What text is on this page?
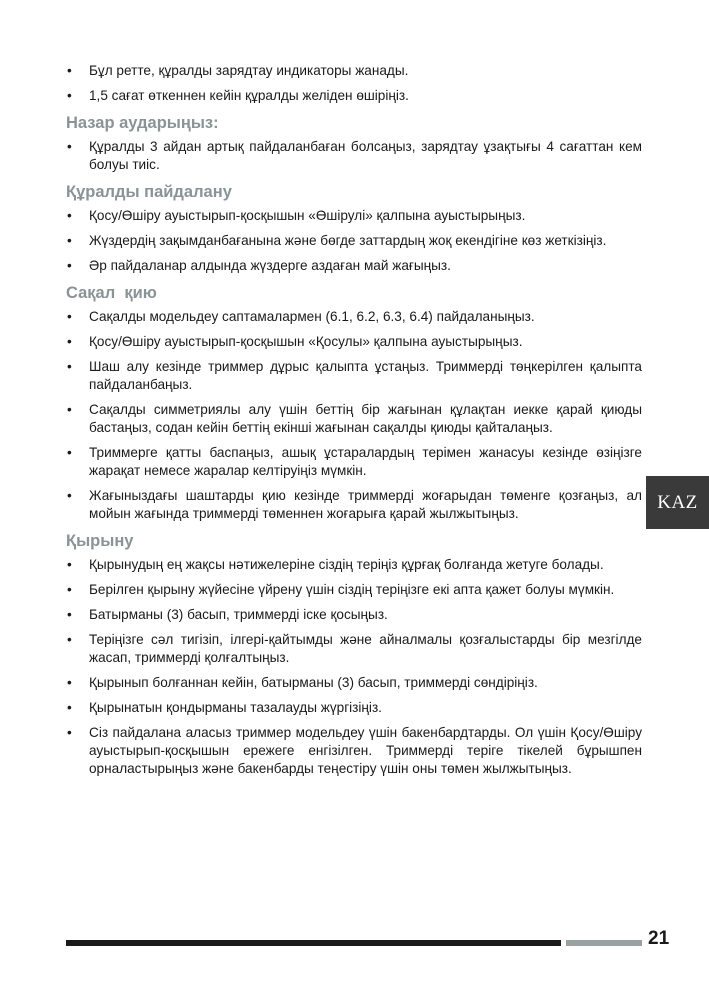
• Бұл ретте, құралды зарядтау индикаторы жанады.
• 1,5 сағат өткеннен кейін құралды желіден өшіріңіз.
Назар аударыңыз:
• Құралды 3 айдан артық пайдаланбаған болсаңыз, зарядтау ұзақтығы 4 сағаттан кем болуы тиіс.
Құралды пайдалану
• Қосу/Өшіру ауыстырып-қосқышын «Өшірулі» қалпына ауыстырыңыз.
• Жүздердің зақымданбағанына және бөгде заттардың жоқ екендігіне көз жеткізіңіз.
• Әр пайдаланар алдында жүздерге аздаған май жағыңыз.
Сақал  қию
• Сақалды модельдеу саптамалармен (6.1, 6.2, 6.3, 6.4) пайдаланыңыз.
• Қосу/Өшіру ауыстырып-қосқышын «Қосулы» қалпына ауыстырыңыз.
• Шаш алу кезінде триммер дұрыс қалыпта ұстаңыз. Триммерді төңкерілген қалыпта пайдаланбаңыз.
• Сақалды симметриялы алу үшін беттің бір жағынан құлақтан иекке қарай қиюды бастаңыз, содан кейін беттің екінші жағынан сақалды қиюды қайталаңыз.
• Триммерге қатты баспаңыз, ашық ұстаралардың терімен жанасуы кезінде өзіңізге жарақат немесе жаралар келтіруіңіз мүмкін.
• Жағыныздағы шаштарды қию кезінде триммерді жоғарыдан төменге қозғаңыз, ал мойын жағында триммерді төменнен жоғарыға қарай жылжытыңыз.
Қырыну
• Қырынудың ең жақсы нәтижелеріне сіздің теріңіз құрғақ болғанда жетуге болады.
• Берілген қырыну жүйесіне үйрену үшін сіздің теріңізге екі апта қажет болуы мүмкін.
• Батырманы (3) басып, триммерді іске қосыңыз.
• Теріңізге сәл тигізіп, ілгері-қайтымды және айналмалы қозғалыстарды бір мезгілде жасап, триммерді қолғалтыңыз.
• Қырынып болғаннан кейін, батырманы (3) басып, триммерді сөндіріңіз.
• Қырынатын қондырманы тазалауды жүргізіңіз.
• Сіз пайдалана аласыз триммер модельдеу үшін бакенбардтарды. Ол үшін Қосу/Өшіру ауыстырып-қосқышын ережеге енгізілген. Триммерді теріге тікелей бұрышпен орналастырыңыз және бакенбарды теңестіру үшін оны төмен жылжытыңыз.
KAZ
21
